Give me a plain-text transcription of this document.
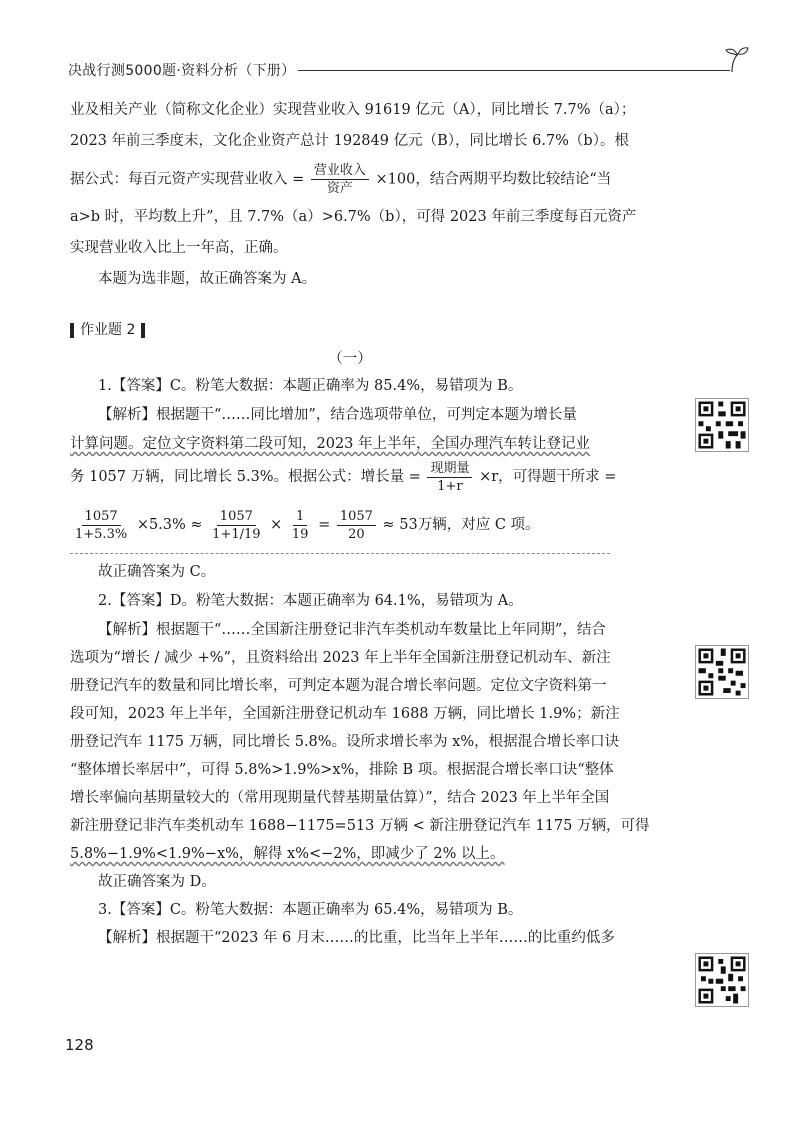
决战行测5000题·资料分析（下册）

业及相关产业（简称文化企业）实现营业收入 91619 亿元（A），同比增长 7.7%（a）；

2023 年前三季度末，文化企业资产总计 192849 亿元（B），同比增长 6.7%（b）。根

据公式：每百元资产实现营业收入 = $\frac{\text{营业收入}}{\text{资产}} \times 100$，结合两期平均数比较结论“当

a>b 时，平均数上升”，且 7.7%（a）>6.7%（b），可得 2023 年前三季度每百元资产

实现营业收入比上一年高，正确。

本题为选非题，故正确答案为 A。

作业题 2

（一）

1.【答案】C。粉笔大数据：本题正确率为 85.4%，易错项为 B。

【解析】根据题干“……同比增加”，结合选项带单位，可判定本题为增长量

计算问题。定位文字资料第二段可知，2023 年上半年，全国办理汽车转让登记业

务 1057 万辆，同比增长 5.3%。根据公式：增长量 = $\frac{\text{现期量}}{1+r} \times r$，可得题干所求 =

$\frac{1057}{1+5.3\%} \times 5.3\% \approx \frac{1057}{1+1/19} \times \frac{1}{19} = \frac{1057}{20} \approx 53$万辆，对应 C 项。

故正确答案为 C。

2.【答案】D。粉笔大数据：本题正确率为 64.1%，易错项为 A。

【解析】根据题干“……全国新注册登记非汽车类机动车数量比上年同期”，结合

选项为“增长 / 减少 +%”，且资料给出 2023 年上半年全国新注册登记机动车、新注

册登记汽车的数量和同比增长率，可判定本题为混合增长率问题。定位文字资料第一

段可知，2023 年上半年，全国新注册登记机动车 1688 万辆，同比增长 1.9%；新注

册登记汽车 1175 万辆，同比增长 5.8%。设所求增长率为 x%，根据混合增长率口诀

“整体增长率居中”，可得 5.8%>1.9%>x%，排除 B 项。根据混合增长率口诀“整体

增长率偏向基期量较大的（常用现期量代替基期量估算）”，结合 2023 年上半年全国

新注册登记非汽车类机动车 1688−1175=513 万辆 < 新注册登记汽车 1175 万辆，可得

5.8%−1.9%<1.9%−x%，解得 x%<−2%，即减少了 2% 以上。

故正确答案为 D。

3.【答案】C。粉笔大数据：本题正确率为 65.4%，易错项为 B。

【解析】根据题干“2023 年 6 月末……的比重，比当年上半年……的比重约低多

128
